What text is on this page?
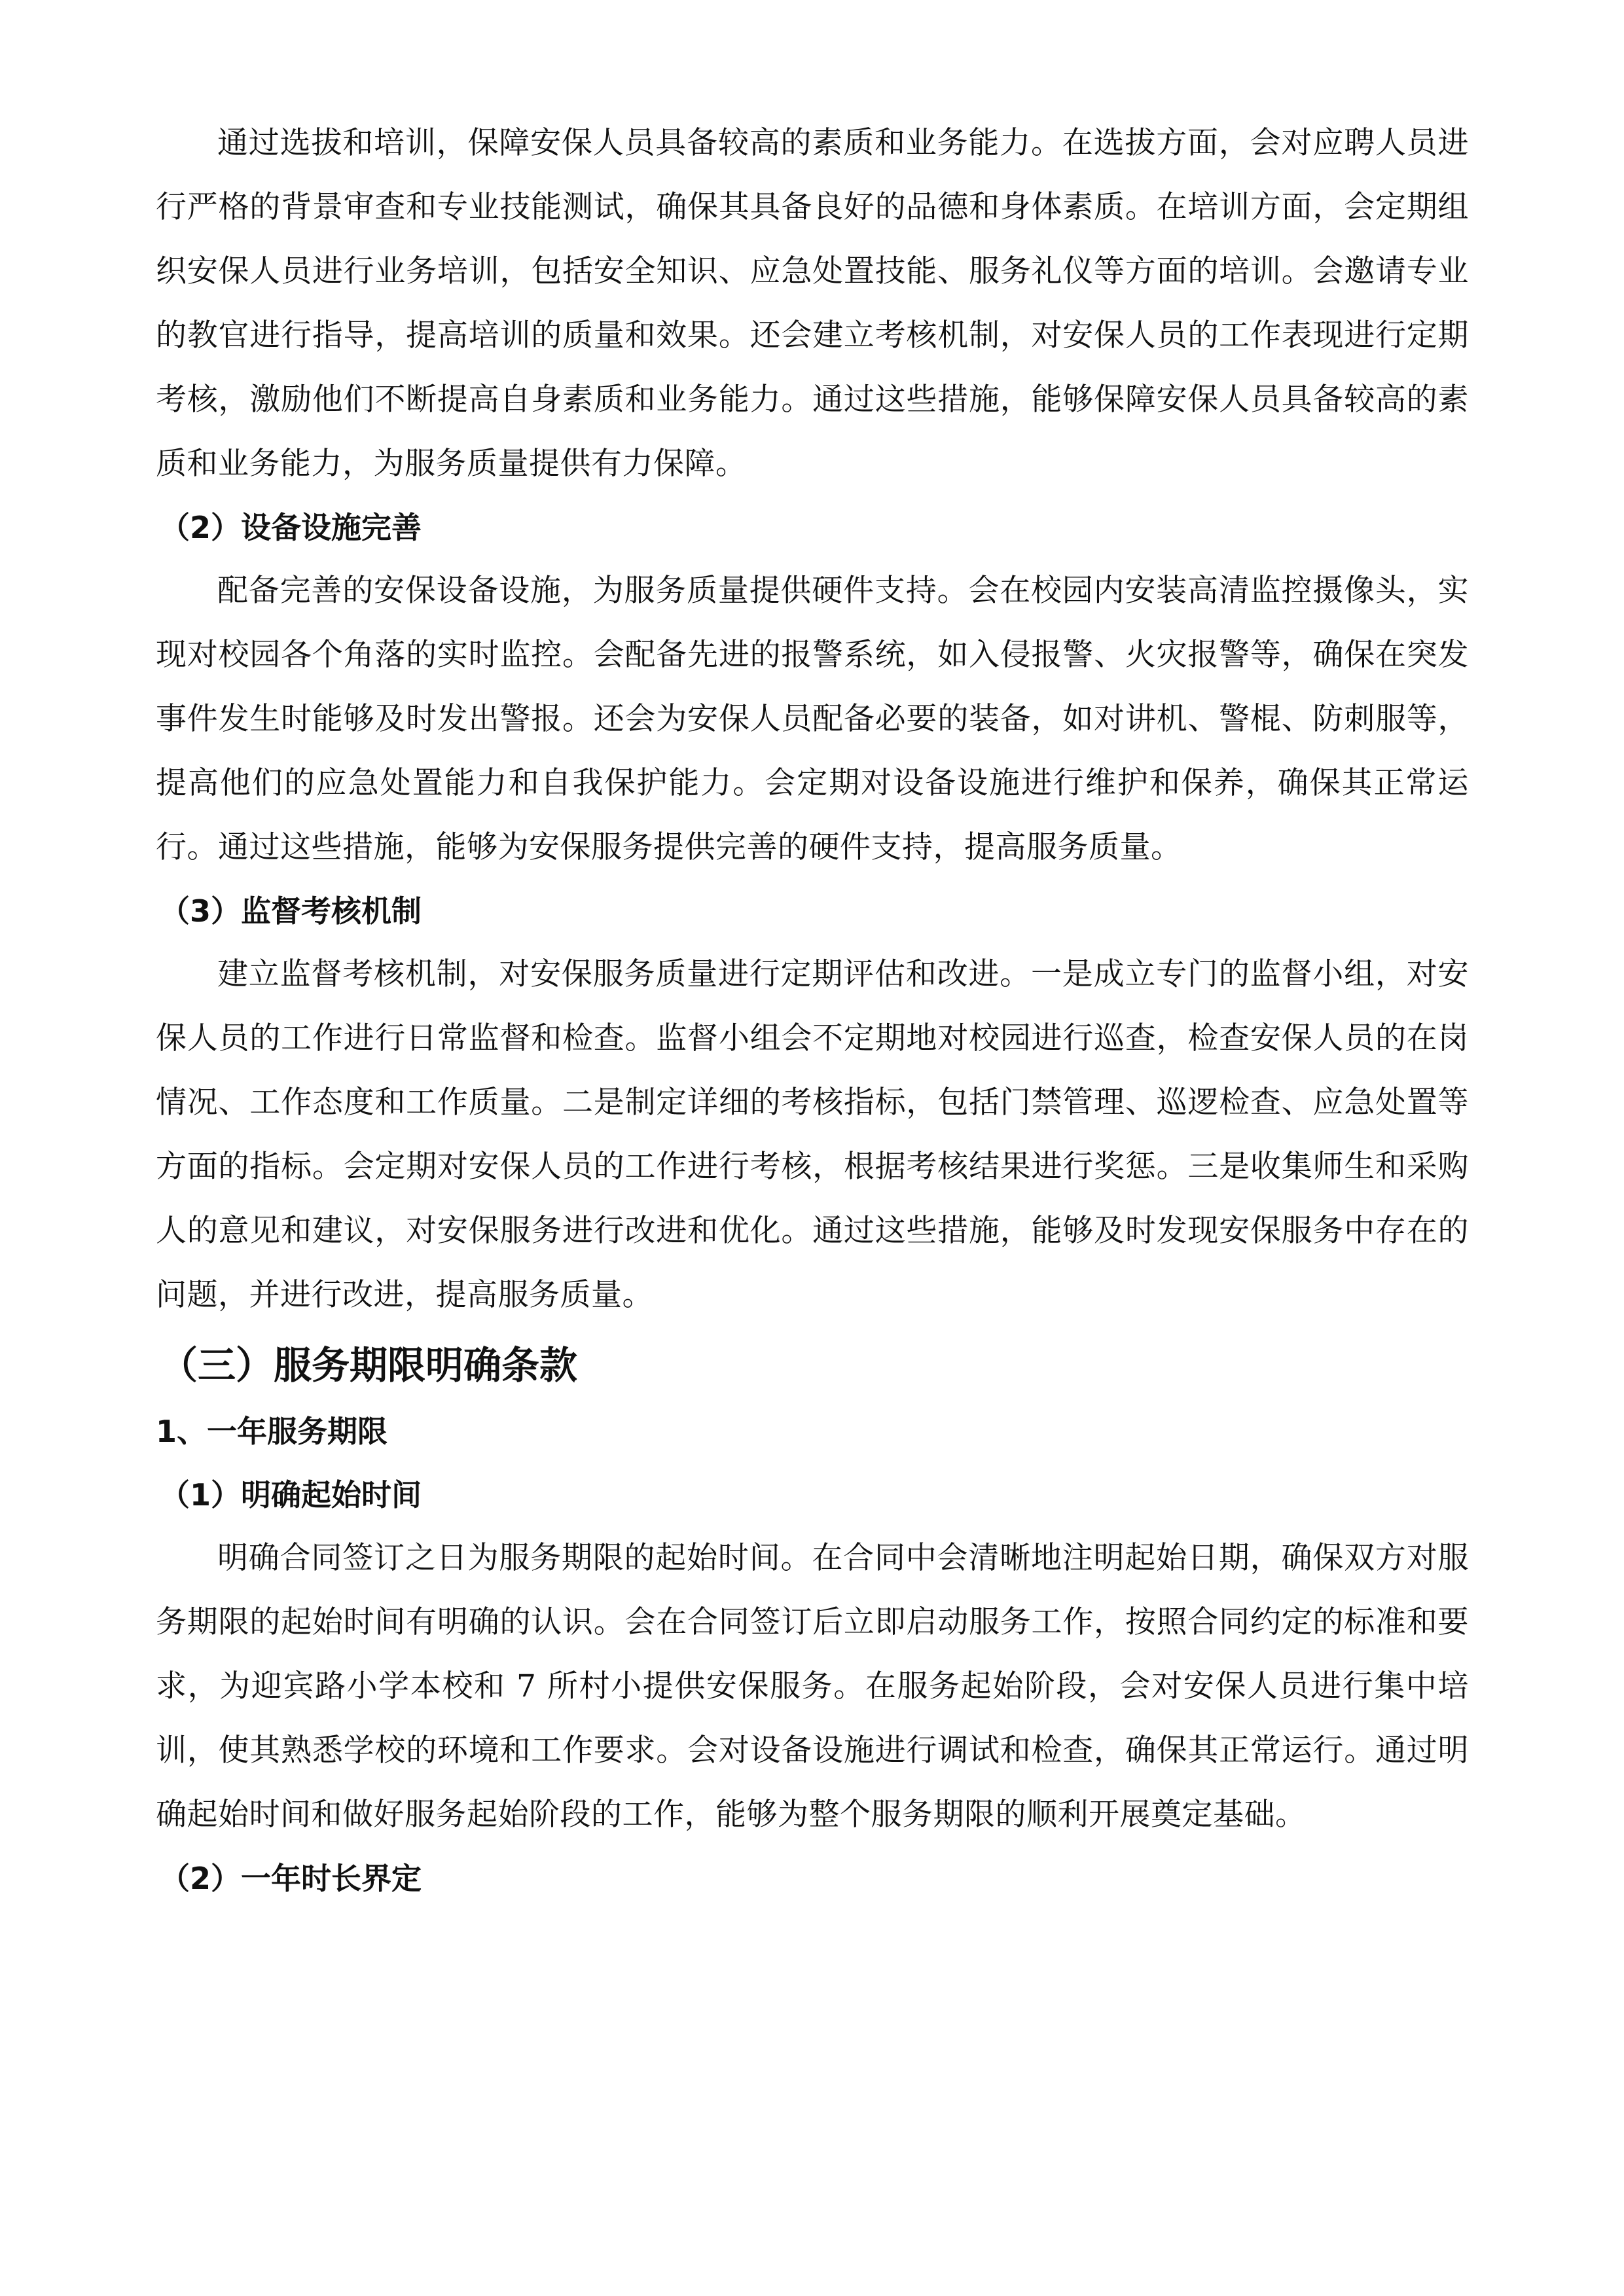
通过选拔和培训，保障安保人员具备较高的素质和业务能力。在选拔方面，会对应聘人员进行严格的背景审查和专业技能测试，确保其具备良好的品德和身体素质。在培训方面，会定期组织安保人员进行业务培训，包括安全知识、应急处置技能、服务礼仪等方面的培训。会邀请专业的教官进行指导，提高培训的质量和效果。还会建立考核机制，对安保人员的工作表现进行定期考核，激励他们不断提高自身素质和业务能力。通过这些措施，能够保障安保人员具备较高的素质和业务能力，为服务质量提供有力保障。

（2）设备设施完善

配备完善的安保设备设施，为服务质量提供硬件支持。会在校园内安装高清监控摄像头，实现对校园各个角落的实时监控。会配备先进的报警系统，如入侵报警、火灾报警等，确保在突发事件发生时能够及时发出警报。还会为安保人员配备必要的装备，如对讲机、警棍、防刺服等，提高他们的应急处置能力和自我保护能力。会定期对设备设施进行维护和保养，确保其正常运行。通过这些措施，能够为安保服务提供完善的硬件支持，提高服务质量。

（3）监督考核机制

建立监督考核机制，对安保服务质量进行定期评估和改进。一是成立专门的监督小组，对安保人员的工作进行日常监督和检查。监督小组会不定期地对校园进行巡查，检查安保人员的在岗情况、工作态度和工作质量。二是制定详细的考核指标，包括门禁管理、巡逻检查、应急处置等方面的指标。会定期对安保人员的工作进行考核，根据考核结果进行奖惩。三是收集师生和采购人的意见和建议，对安保服务进行改进和优化。通过这些措施，能够及时发现安保服务中存在的问题，并进行改进，提高服务质量。

（三）服务期限明确条款
1、一年服务期限
（1）明确起始时间

明确合同签订之日为服务期限的起始时间。在合同中会清晰地注明起始日期，确保双方对服务期限的起始时间有明确的认识。会在合同签订后立即启动服务工作，按照合同约定的标准和要求，为迎宾路小学本校和 7 所村小提供安保服务。在服务起始阶段，会对安保人员进行集中培训，使其熟悉学校的环境和工作要求。会对设备设施进行调试和检查，确保其正常运行。通过明确起始时间和做好服务起始阶段的工作，能够为整个服务期限的顺利开展奠定基础。

（2）一年时长界定
